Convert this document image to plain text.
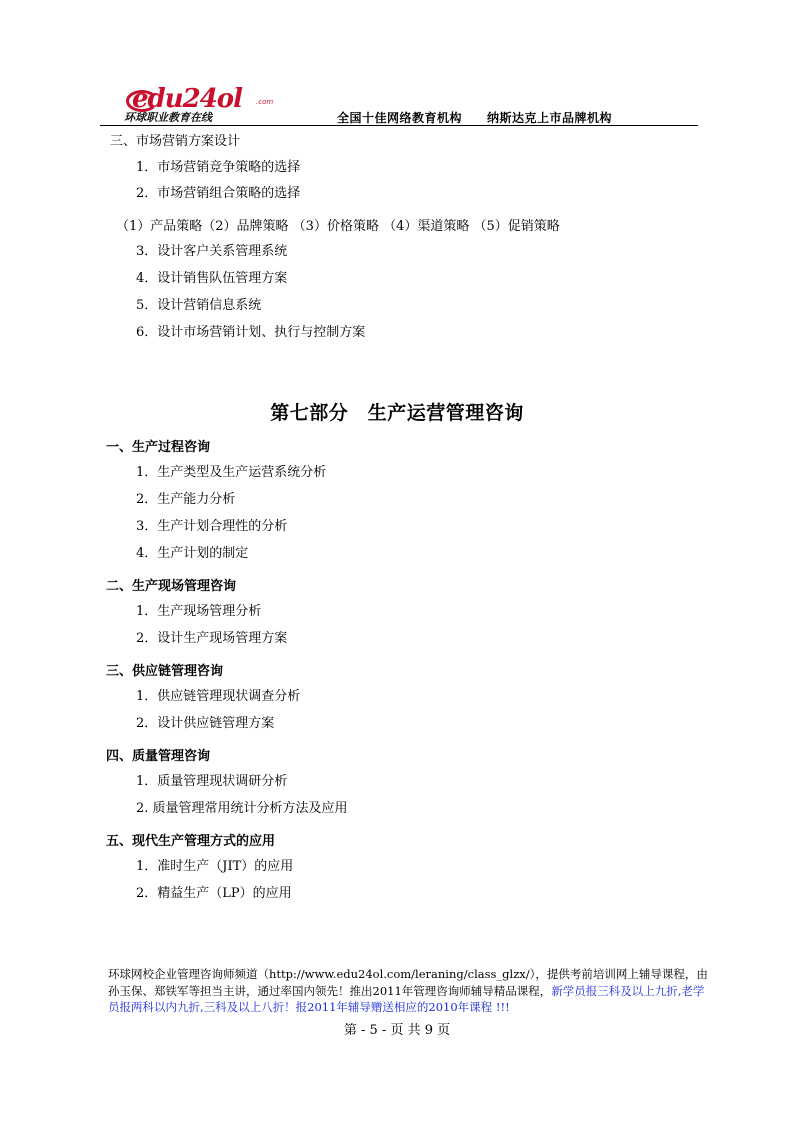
edu24ol .com
环球职业教育在线	全国十佳网络教育机构　　纳斯达克上市品牌机构
三、市场营销方案设计
1．市场营销竞争策略的选择
2．市场营销组合策略的选择
（1）产品策略（2）品牌策略 （3）价格策略 （4）渠道策略 （5）促销策略
3．设计客户关系管理系统
4．设计销售队伍管理方案
5．设计营销信息系统
6．设计市场营销计划、执行与控制方案
第七部分　生产运营管理咨询
一、生产过程咨询
1．生产类型及生产运营系统分析
2．生产能力分析
3．生产计划合理性的分析
4．生产计划的制定
二、生产现场管理咨询
1．生产现场管理分析
2．设计生产现场管理方案
三、供应链管理咨询
1．供应链管理现状调查分析
2．设计供应链管理方案
四、质量管理咨询
1．质量管理现状调研分析
2. 质量管理常用统计分析方法及应用
五、现代生产管理方式的应用
1．准时生产（JIT）的应用
2．精益生产（LP）的应用
环球网校企业管理咨询师频道（http://www.edu24ol.com/leraning/class_glzx/），提供考前培训网上辅导课程，由孙玉保、郑铁军等担当主讲，通过率国内领先！推出2011年管理咨询师辅导精品课程，新学员报三科及以上九折,老学员报两科以内九折,三科及以上八折！报2011年辅导赠送相应的2010年课程 !!!
第 - 5 - 页 共 9 页
